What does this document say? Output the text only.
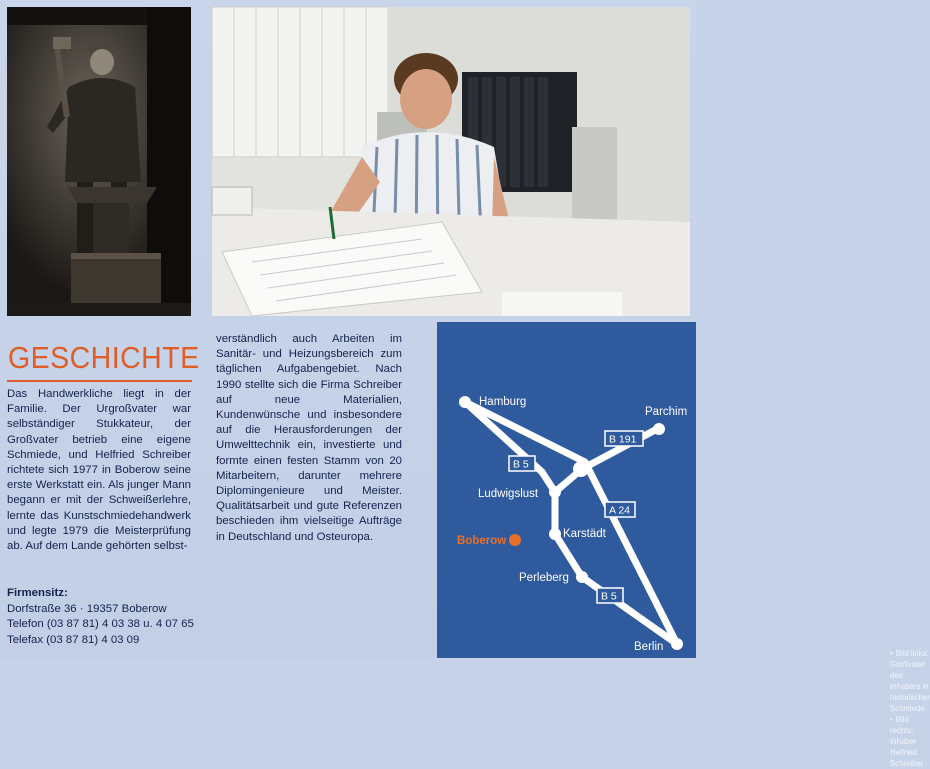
GESCHICHTE

Das Handwerkliche liegt in der Familie. Der Urgroßvater war selbständiger Stukkateur, der Großvater betrieb eine eigene Schmiede, und Helfried Schreiber richtete sich 1977 in Boberow seine erste Werkstatt ein. Als junger Mann begann er mit der Schweißerlehre, lernte das Kunstschmiedehandwerk und legte 1979 die Meisterprüfung ab. Auf dem Lande gehörten selbst-

verständlich auch Arbeiten im Sanitär- und Heizungsbereich zum täglichen Aufgabengebiet. Nach 1990 stellte sich die Firma Schreiber auf neue Materialien, Kundenwünsche und insbesondere auf die Herausforderungen der Umwelttechnik ein, investierte und formte einen festen Stamm von 20 Mitarbeitern, darunter mehrere Diplomingenieure und Meister. Qualitätsarbeit und gute Referenzen beschieden ihm vielseitige Aufträge in Deutschland und Osteuropa.

Firmensitz:
Dorfstraße 36 · 19357 Boberow
Telefon (03 87 81) 4 03 38 u. 4 07 65
Telefax (03 87 81) 4 03 09
• Bild links: Großvater des Inhabers in historischer Schmiede
• Bild rechts: Inhaber Helfried Schreiber
Hamburg
Parchim
Ludwigslust
Karstädt
Perleberg
Berlin
B 191
B 5
A 24
B 5
Boberow
